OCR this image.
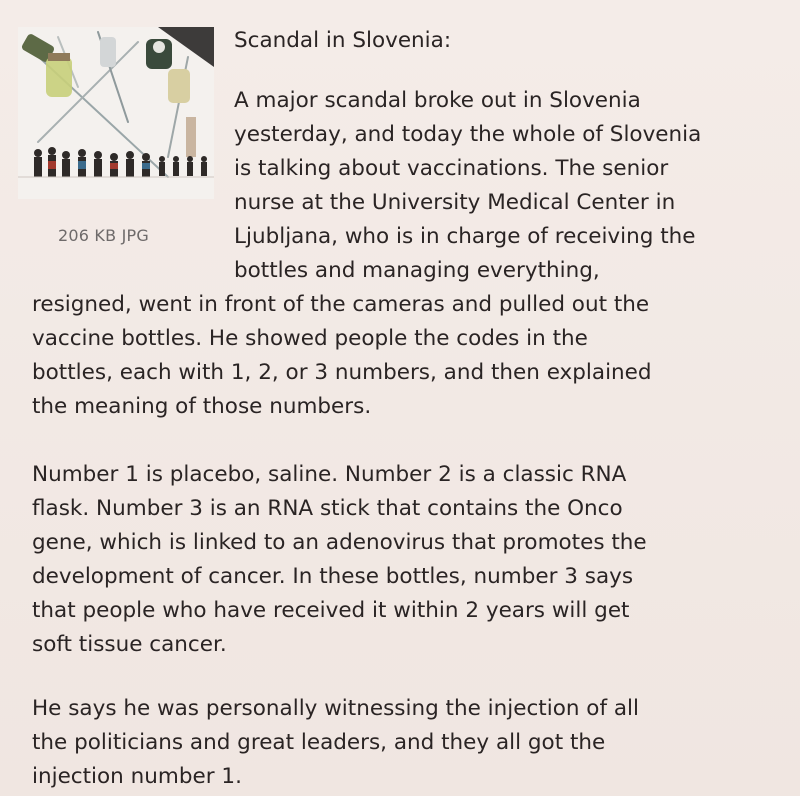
206 KB JPG
Scandal in Slovenia:
A major scandal broke out in Slovenia
yesterday, and today the whole of Slovenia
is talking about vaccinations. The senior
nurse at the University Medical Center in
Ljubljana, who is in charge of receiving the
bottles and managing everything,
resigned, went in front of the cameras and pulled out the
vaccine bottles. He showed people the codes in the
bottles, each with 1, 2, or 3 numbers, and then explained
the meaning of those numbers.
Number 1 is placebo, saline. Number 2 is a classic RNA
flask. Number 3 is an RNA stick that contains the Onco
gene, which is linked to an adenovirus that promotes the
development of cancer. In these bottles, number 3 says
that people who have received it within 2 years will get
soft tissue cancer.
He says he was personally witnessing the injection of all
the politicians and great leaders, and they all got the
injection number 1.
